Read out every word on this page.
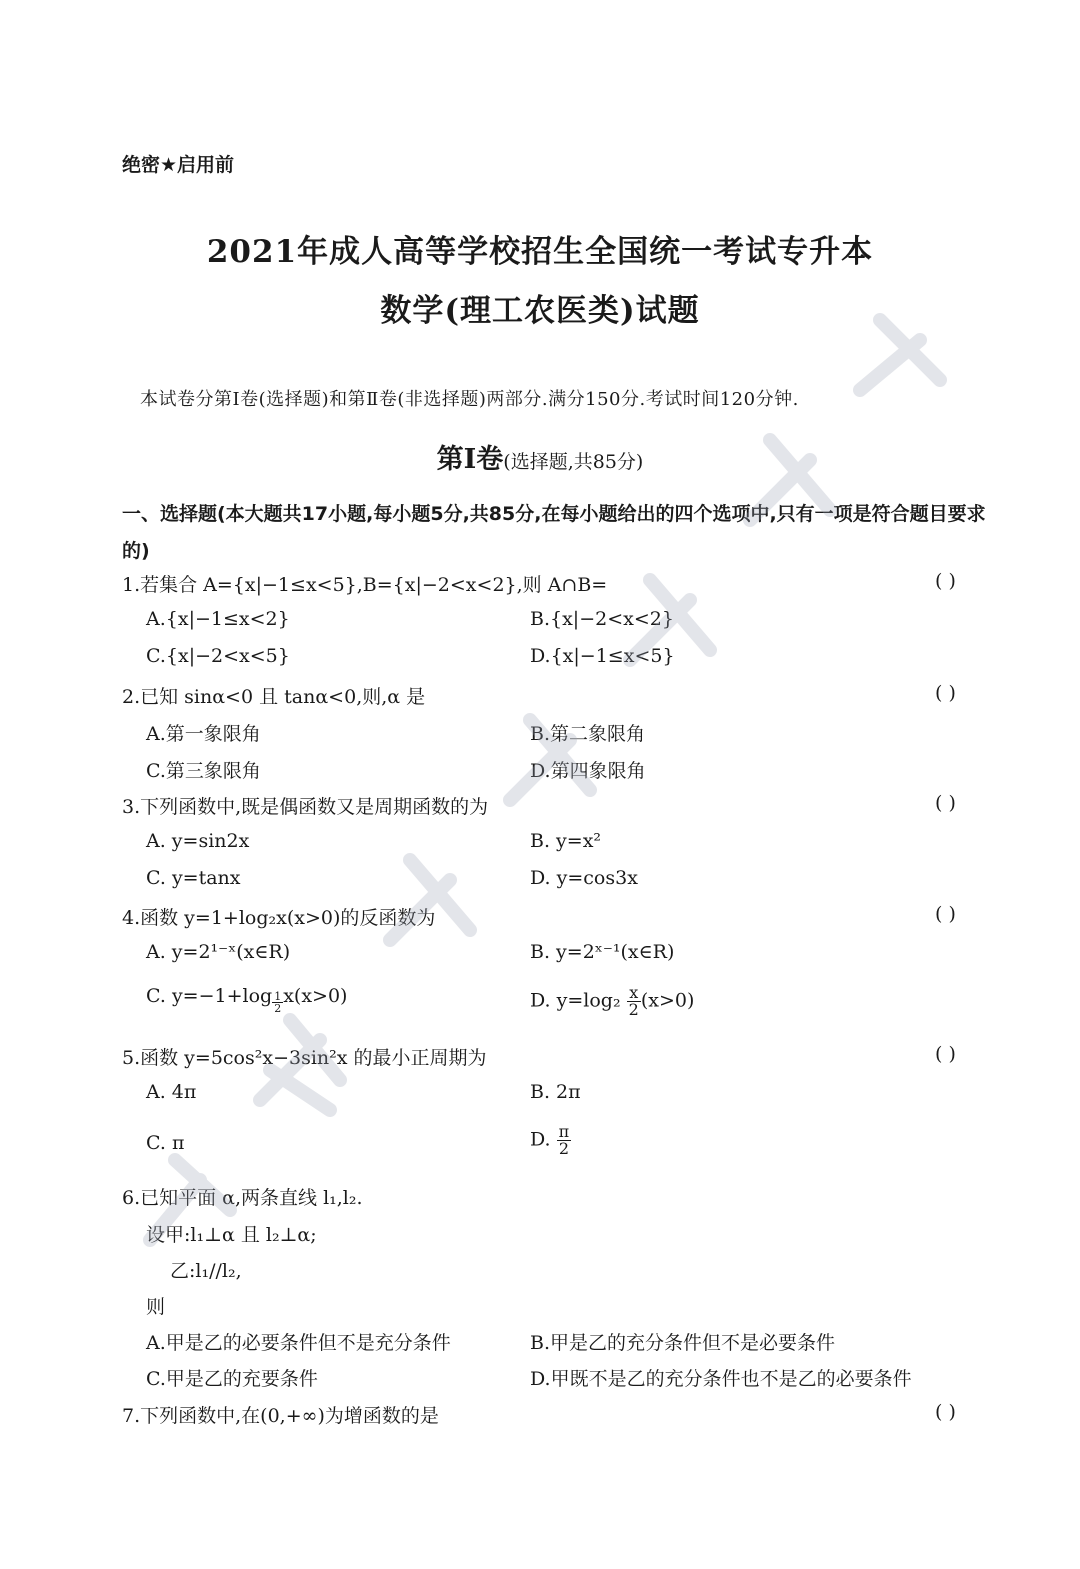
绝密★启用前
2021年成人高等学校招生全国统一考试专升本
数学(理工农医类)试题
本试卷分第Ⅰ卷(选择题)和第Ⅱ卷(非选择题)两部分.满分150分.考试时间120分钟.
第Ⅰ卷(选择题,共85分)
一、选择题(本大题共17小题,每小题5分,共85分,在每小题给出的四个选项中,只有一项是符合题目要求的)
1.若集合 A={x|−1≤x<5},B={x|−2<x<2},则 A∩B=	( )
A.{x|−1≤x<2}	B.{x|−2<x<2}
C.{x|−2<x<5}	D.{x|−1≤x<5}
2.已知 sinα<0 且 tanα<0,则,α 是	( )
A.第一象限角	B.第二象限角
C.第三象限角	D.第四象限角
3.下列函数中,既是偶函数又是周期函数的为	( )
A. y=sin2x	B. y=x²
C. y=tanx	D. y=cos3x
4.函数 y=1+log₂x(x>0)的反函数为	( )
A. y=2¹⁻ˣ(x∈R)	B. y=2ˣ⁻¹(x∈R)
C. $y=-1+\log \frac{1}{2} x(x>0)$	D. $y=\log_2 \frac{x}{2} (x>0)$
5.函数 y=5cos²x−3sin²x 的最小正周期为	( )
A. 4π	B. 2π
C. π	D. $\frac{\pi}{2}$
6.已知平面 α,两条直线 l₁,l₂.
设甲:l₁⊥α 且 l₂⊥α;
乙:l₁//l₂,
则
A.甲是乙的必要条件但不是充分条件	B.甲是乙的充分条件但不是必要条件
C.甲是乙的充要条件	D.甲既不是乙的充分条件也不是乙的必要条件
7.下列函数中,在(0,+∞)为增函数的是	( )
